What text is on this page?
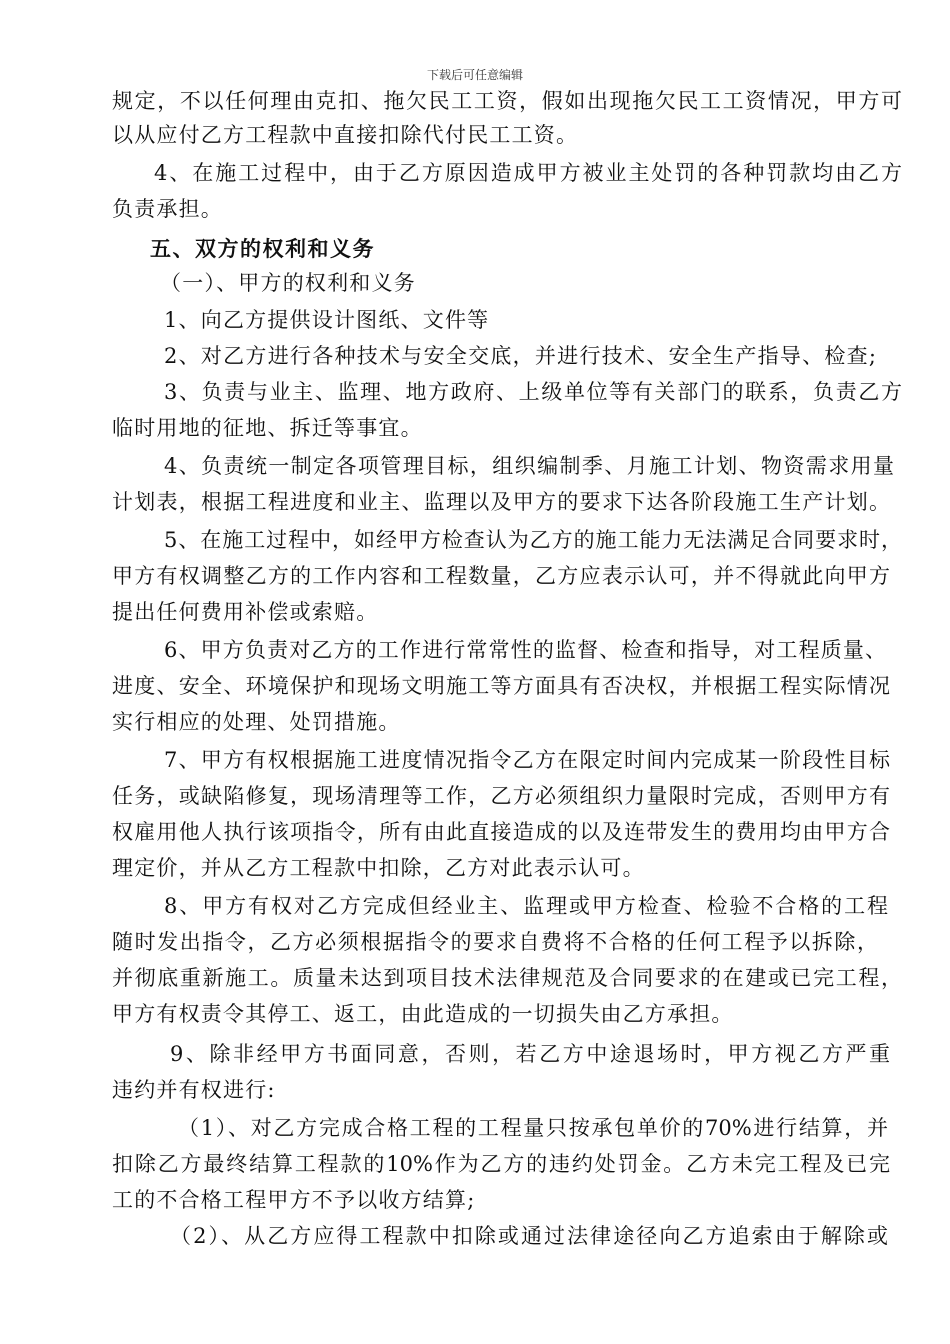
下载后可任意编辑
规定，不以任何理由克扣、拖欠民工工资，假如出现拖欠民工工资情况，甲方可
以从应付乙方工程款中直接扣除代付民工工资。
4、在施工过程中，由于乙方原因造成甲方被业主处罚的各种罚款均由乙方
负责承担。
五、双方的权利和义务
（一）、甲方的权利和义务
1、向乙方提供设计图纸、文件等
2、对乙方进行各种技术与安全交底，并进行技术、安全生产指导、检查;
3、负责与业主、监理、地方政府、上级单位等有关部门的联系，负责乙方
临时用地的征地、拆迁等事宜。
4、负责统一制定各项管理目标，组织编制季、月施工计划、物资需求用量
计划表，根据工程进度和业主、监理以及甲方的要求下达各阶段施工生产计划。
5、在施工过程中，如经甲方检查认为乙方的施工能力无法满足合同要求时，
甲方有权调整乙方的工作内容和工程数量，乙方应表示认可，并不得就此向甲方
提出任何费用补偿或索赔。
6、甲方负责对乙方的工作进行常常性的监督、检查和指导，对工程质量、
进度、安全、环境保护和现场文明施工等方面具有否决权，并根据工程实际情况
实行相应的处理、处罚措施。
7、甲方有权根据施工进度情况指令乙方在限定时间内完成某一阶段性目标
任务，或缺陷修复，现场清理等工作，乙方必须组织力量限时完成，否则甲方有
权雇用他人执行该项指令，所有由此直接造成的以及连带发生的费用均由甲方合
理定价，并从乙方工程款中扣除，乙方对此表示认可。
8、甲方有权对乙方完成但经业主、监理或甲方检查、检验不合格的工程
随时发出指令，乙方必须根据指令的要求自费将不合格的任何工程予以拆除，
并彻底重新施工。质量未达到项目技术法律规范及合同要求的在建或已完工程，
甲方有权责令其停工、返工，由此造成的一切损失由乙方承担。
9、除非经甲方书面同意，否则，若乙方中途退场时，甲方视乙方严重
违约并有权进行:
（1）、对乙方完成合格工程的工程量只按承包单价的70%进行结算，并
扣除乙方最终结算工程款的10%作为乙方的违约处罚金。乙方未完工程及已完
工的不合格工程甲方不予以收方结算;
（2）、从乙方应得工程款中扣除或通过法律途径向乙方追索由于解除或
